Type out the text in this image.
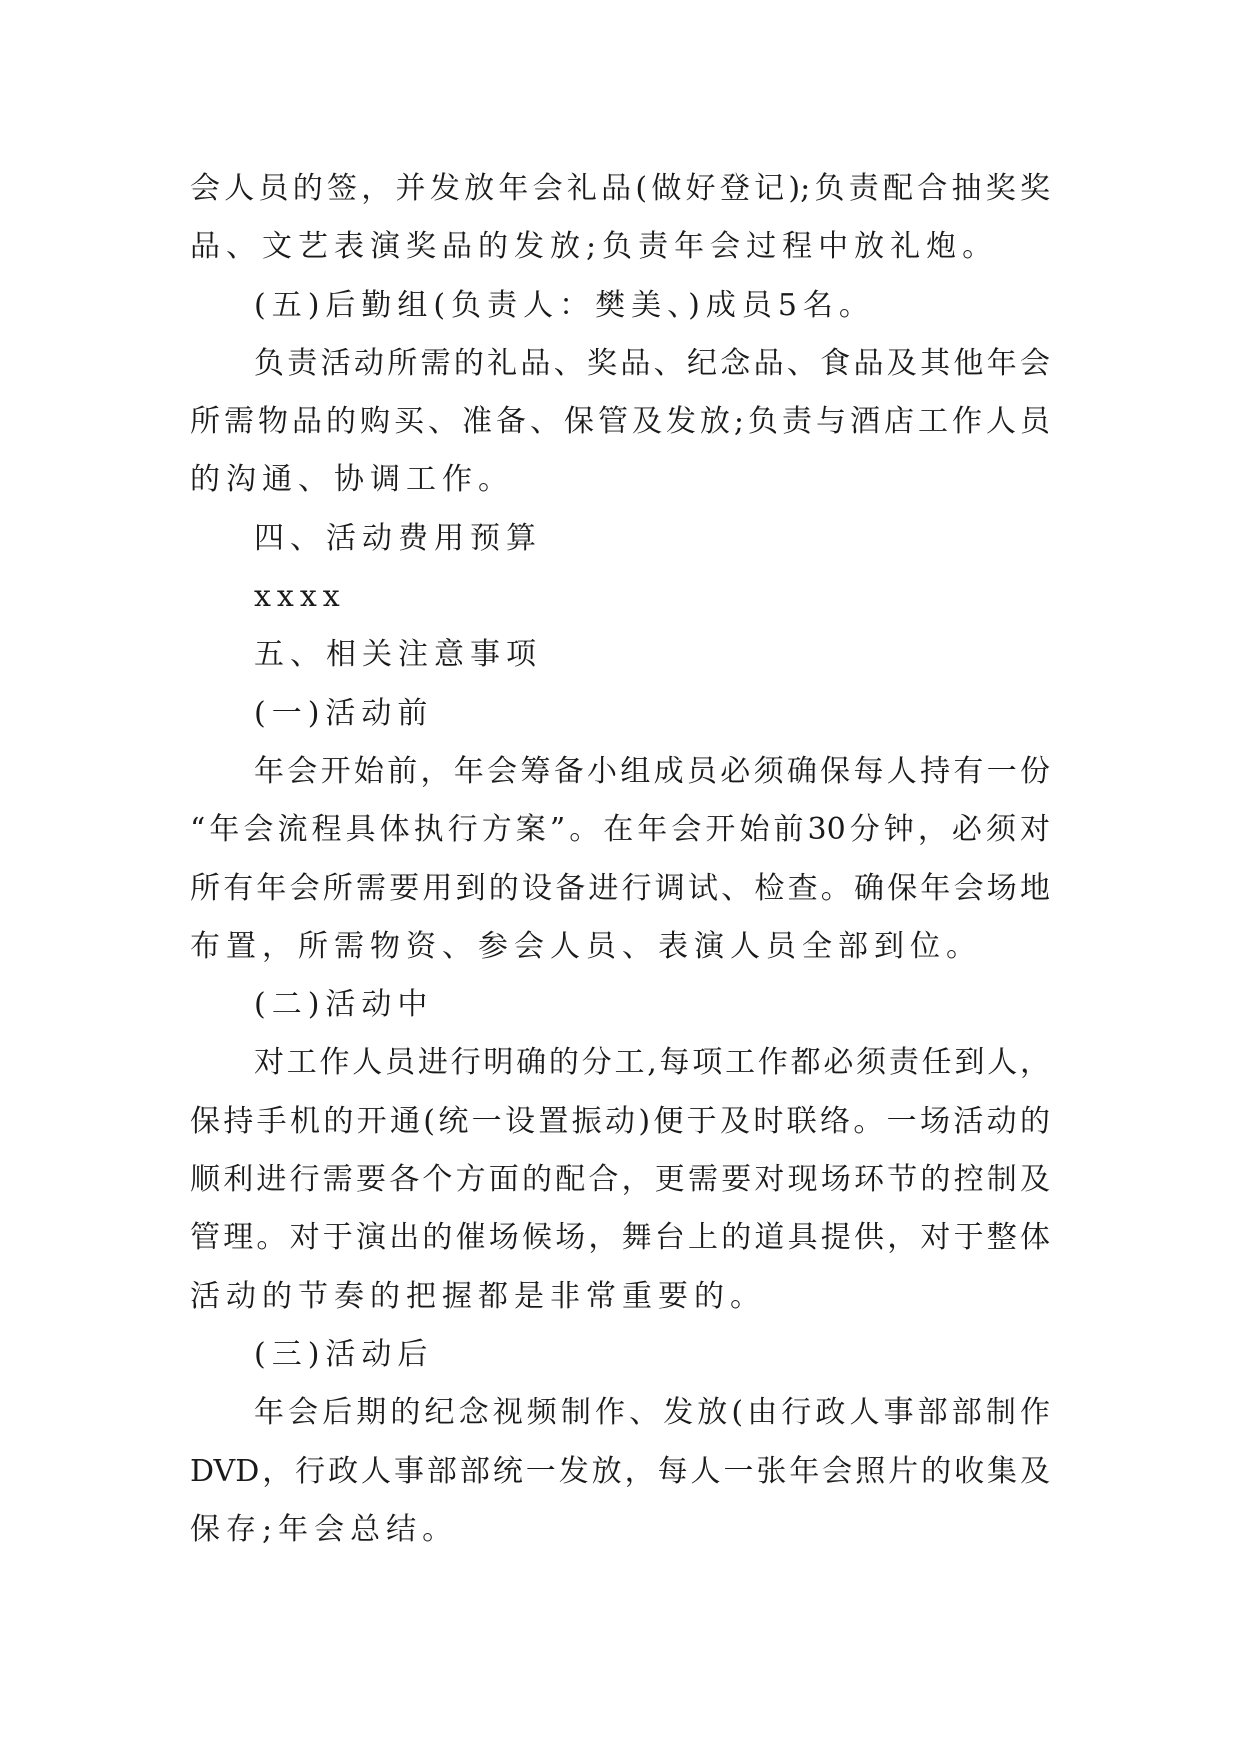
会人员的签，并发放年会礼品(做好登记);负责配合抽奖奖
品、文艺表演奖品的发放;负责年会过程中放礼炮。
(五)后勤组(负责人：樊美、)成员5名。
负责活动所需的礼品、奖品、纪念品、食品及其他年会
所需物品的购买、准备、保管及发放;负责与酒店工作人员
的沟通、协调工作。
四、活动费用预算
xxxx
五、相关注意事项
(一)活动前
年会开始前，年会筹备小组成员必须确保每人持有一份
“年会流程具体执行方案”。在年会开始前30分钟，必须对
所有年会所需要用到的设备进行调试、检查。确保年会场地
布置，所需物资、参会人员、表演人员全部到位。
(二)活动中
对工作人员进行明确的分工,每项工作都必须责任到人，
保持手机的开通(统一设置振动)便于及时联络。一场活动的
顺利进行需要各个方面的配合，更需要对现场环节的控制及
管理。对于演出的催场候场，舞台上的道具提供，对于整体
活动的节奏的把握都是非常重要的。
(三)活动后
年会后期的纪念视频制作、发放(由行政人事部部制作
DVD，行政人事部部统一发放，每人一张年会照片的收集及
保存;年会总结。
